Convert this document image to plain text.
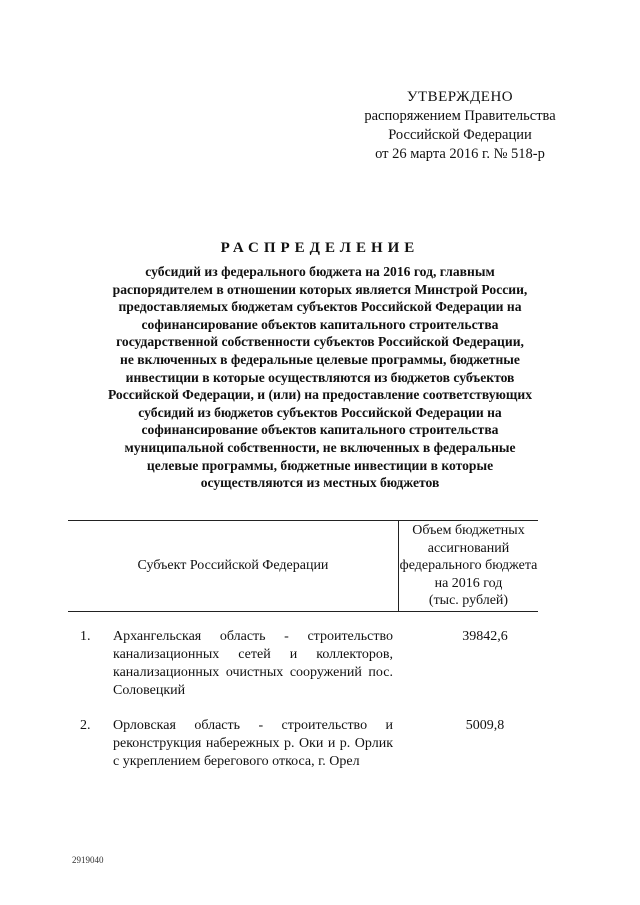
УТВЕРЖДЕНО
распоряжением Правительства
Российской Федерации
от 26 марта 2016 г. № 518-р
РАСПРЕДЕЛЕНИЕ
субсидий из федерального бюджета на 2016 год, главным
распорядителем в отношении которых является Минстрой России,
предоставляемых бюджетам субъектов Российской Федерации на
софинансирование объектов капитального строительства
государственной собственности субъектов Российской Федерации,
не включенных в федеральные целевые программы, бюджетные
инвестиции в которые осуществляются из бюджетов субъектов
Российской Федерации, и (или) на предоставление соответствующих
субсидий из бюджетов субъектов Российской Федерации на
софинансирование объектов капитального строительства
муниципальной собственности, не включенных в федеральные
целевые программы, бюджетные инвестиции в которые
осуществляются из местных бюджетов
Субъект Российской Федерации
Объем бюджетных
ассигнований
федерального бюджета
на 2016 год
(тыс. рублей)
1.	Архангельская область - строительство канализационных сетей и коллекторов, канализационных очистных сооружений пос. Соловецкий
39842,6
2.	Орловская область - строительство и реконструкция набережных р. Оки и р. Орлик с укреплением берегового откоса, г. Орел
5009,8
2919040
